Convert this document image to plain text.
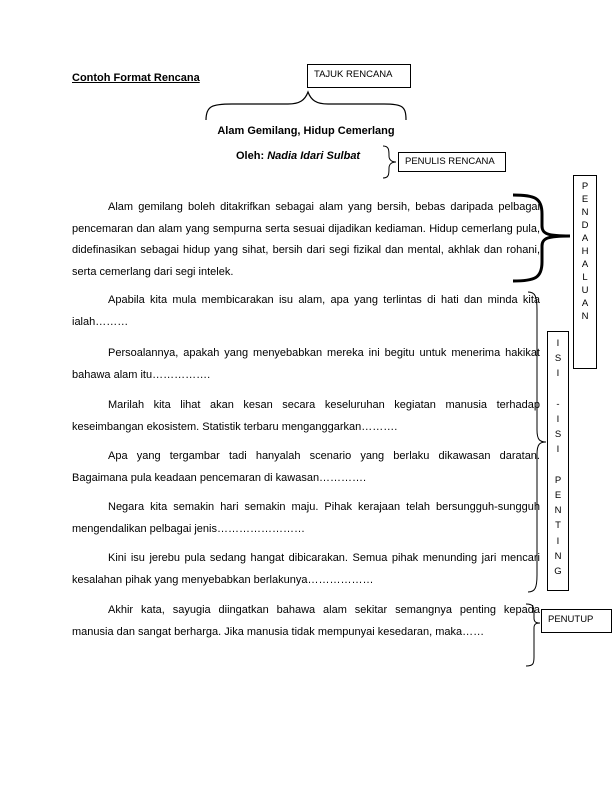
Contoh Format Rencana	TAJUK RENCANA
Alam Gemilang, Hidup Cemerlang
Oleh: Nadia Idari Sulbat	PENULIS RENCANA
P
E
N
D
A
H
A
L
U
A
N
I
S
I

-
I
S
I

P
E
N
T
I
N
G
PENUTUP

Alam gemilang boleh ditakrifkan sebagai alam yang bersih, bebas daripada pelbagai pencemaran dan alam yang sempurna serta sesuai dijadikan kediaman. Hidup cemerlang pula, didefinasikan sebagai hidup yang sihat, bersih dari segi fizikal dan mental, akhlak dan rohani, serta cemerlang dari segi intelek.

Apabila kita mula membicarakan isu alam, apa yang terlintas di hati dan minda kita ialah………

Persoalannya, apakah yang menyebabkan mereka ini begitu untuk menerima hakikat bahawa alam itu…………….

Marilah kita lihat akan kesan secara keseluruhan kegiatan manusia terhadap keseimbangan ekosistem. Statistik terbaru menganggarkan……….

Apa yang tergambar tadi hanyalah scenario yang berlaku dikawasan daratan. Bagaimana pula keadaan pencemaran di kawasan………….

Negara kita semakin hari semakin maju. Pihak kerajaan telah bersungguh-sungguh mengendalikan pelbagai jenis……………………

Kini isu jerebu pula sedang hangat dibicarakan. Semua pihak menunding jari mencari kesalahan pihak yang menyebabkan berlakunya………………

Akhir kata, sayugia diingatkan bahawa alam sekitar semangnya penting kepada manusia dan sangat berharga. Jika manusia tidak mempunyai kesedaran, maka……
